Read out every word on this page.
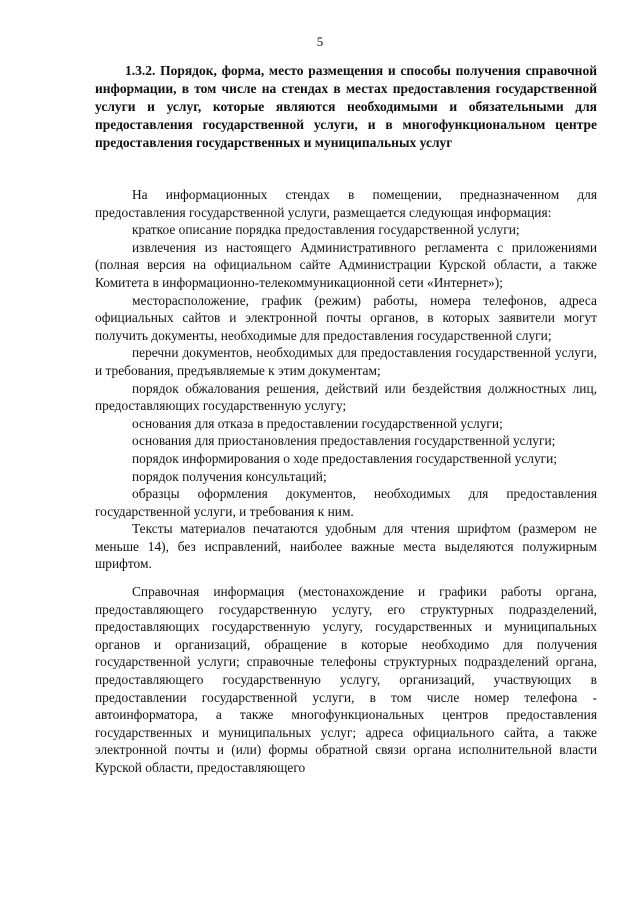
5
1.3.2. Порядок, форма, место размещения и способы получения справочной информации, в том числе на стендах в местах предоставления государственной услуги и услуг, которые являются необходимыми и обязательными для предоставления государственной услуги, и в многофункциональном центре предоставления государственных и муниципальных услуг

На информационных стендах в помещении, предназначенном для предоставления государственной услуги, размещается следующая информация:

краткое описание порядка предоставления государственной услуги;

извлечения из настоящего Административного регламента с приложениями (полная версия на официальном сайте Администрации Курской области, а также Комитета в информационно-телекоммуникационной сети «Интернет»);

месторасположение, график (режим) работы, номера телефонов, адреса официальных сайтов и электронной почты органов, в которых заявители могут получить документы, необходимые для предоставления государственной слуги;

перечни документов, необходимых для предоставления государственной услуги, и требования, предъявляемые к этим документам;

порядок обжалования решения, действий или бездействия должностных лиц, предоставляющих государственную услугу;

основания для отказа в предоставлении государственной услуги;

основания для приостановления предоставления государственной услуги;

порядок информирования о ходе предоставления государственной услуги;

порядок получения консультаций;

образцы оформления документов, необходимых для предоставления государственной услуги, и требования к ним.

Тексты материалов печатаются удобным для чтения шрифтом (размером не меньше 14), без исправлений, наиболее важные места выделяются полужирным шрифтом.

Справочная информация (местонахождение и графики работы органа, предоставляющего государственную услугу, его структурных подразделений, предоставляющих государственную услугу, государственных и муниципальных органов и организаций, обращение в которые необходимо для получения государственной услуги; справочные телефоны структурных подразделений органа, предоставляющего государственную услугу, организаций, участвующих в предоставлении государственной услуги, в том числе номер телефона - автоинформатора, а также многофункциональных центров предоставления государственных и муниципальных услуг; адреса официального сайта, а также электронной почты и (или) формы обратной связи органа исполнительной власти Курской области, предоставляющего
